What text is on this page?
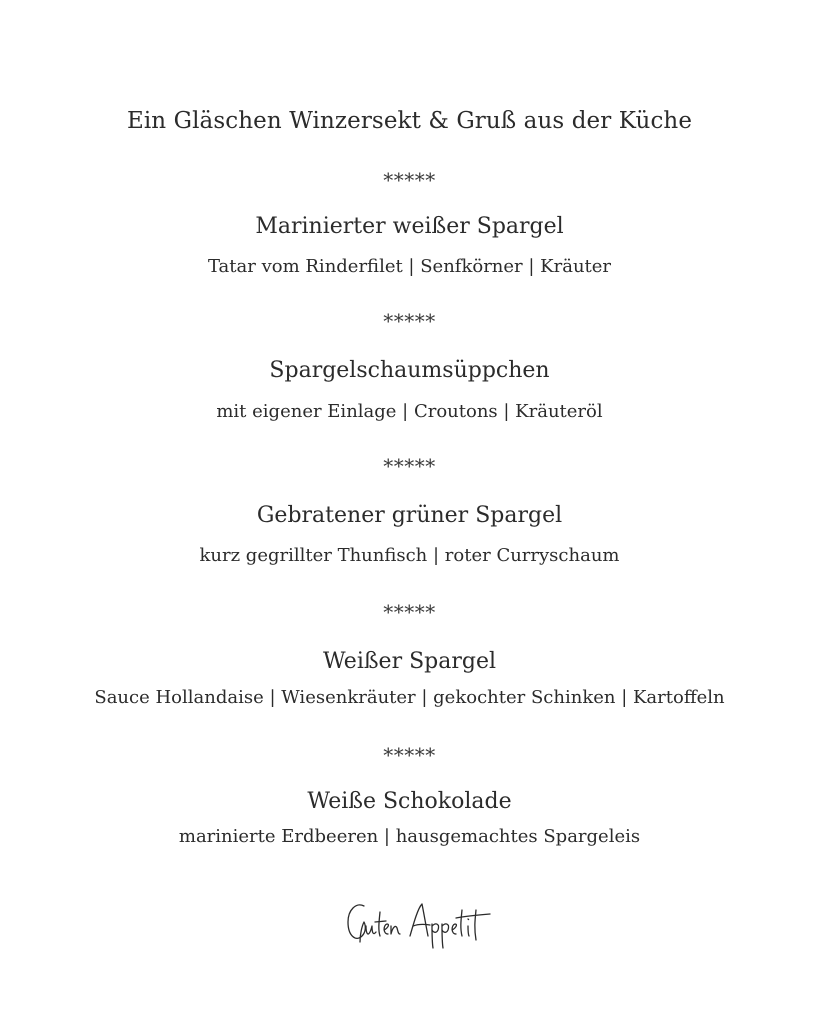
Ein Gläschen Winzersekt & Gruß aus der Küche
*****
Marinierter weißer Spargel
Tatar vom Rinderfilet | Senfkörner | Kräuter
*****
Spargelschaumsüppchen
mit eigener Einlage | Croutons | Kräuteröl
*****
Gebratener grüner Spargel
kurz gegrillter Thunfisch | roter Curryschaum
*****
Weißer Spargel
Sauce Hollandaise | Wiesenkräuter | gekochter Schinken | Kartoffeln
*****
Weiße Schokolade
marinierte Erdbeeren | hausgemachtes Spargeleis
